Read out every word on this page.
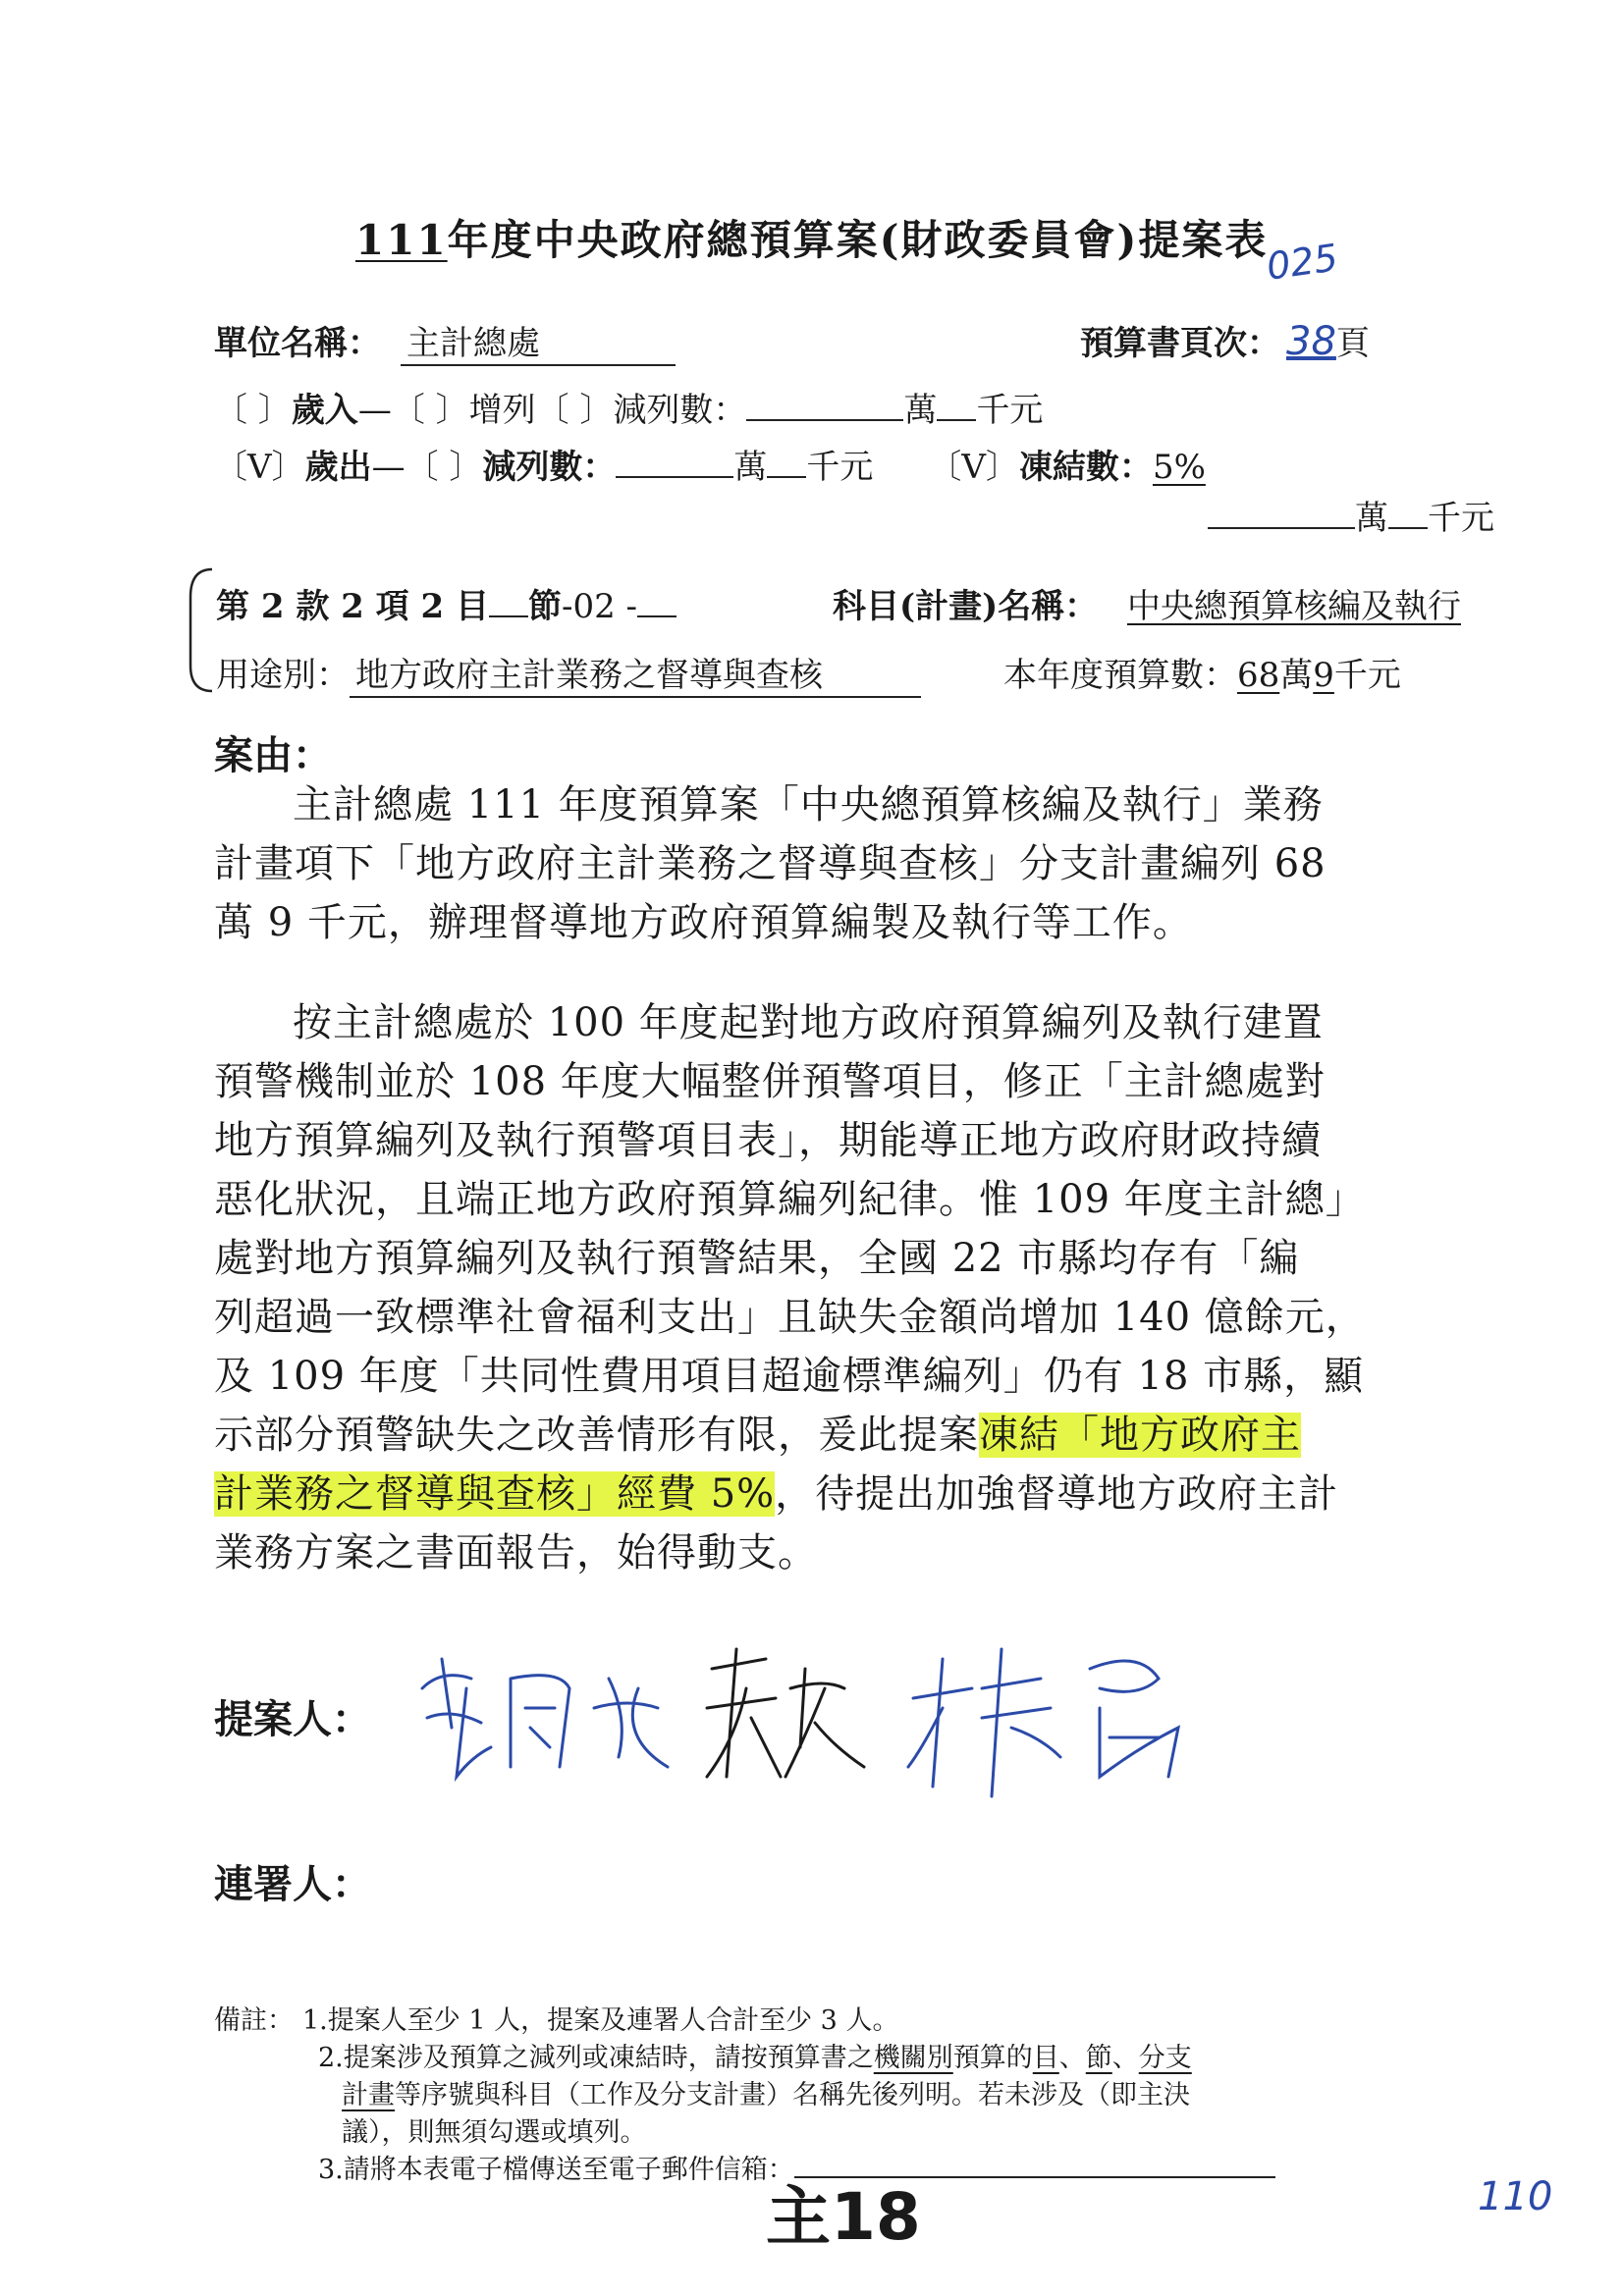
111年度中央政府總預算案(財政委員會)提案表
025
單位名稱： 主計總處	預算書頁次： 38頁
〔 〕歲入—〔 〕增列〔 〕減列數：	萬 千元
〔V〕歲出—〔 〕減列數：	萬 千元 〔V〕凍結數：5%
萬 千元
第 2 款 2 項 2 目 節-02 -	科目(計畫)名稱： 中央總預算核編及執行
用途別： 地方政府主計業務之督導與查核	本年度預算數：68萬9千元
案由：
主計總處 111 年度預算案「中央總預算核編及執行」業務
計畫項下「地方政府主計業務之督導與查核」分支計畫編列 68
萬 9 千元，辦理督導地方政府預算編製及執行等工作。
按主計總處於 100 年度起對地方政府預算編列及執行建置
預警機制並於 108 年度大幅整併預警項目，修正「主計總處對
地方預算編列及執行預警項目表」，期能導正地方政府財政持續
惡化狀況，且端正地方政府預算編列紀律。惟 109 年度主計總」
處對地方預算編列及執行預警結果，全國 22 市縣均存有「編
列超過一致標準社會福利支出」且缺失金額尚增加 140 億餘元，
及 109 年度「共同性費用項目超逾標準編列」仍有 18 市縣，顯
示部分預警缺失之改善情形有限，爰此提案凍結「地方政府主
計業務之督導與查核」經費 5%，待提出加強督導地方政府主計
業務方案之書面報告，始得動支。
提案人：
連署人：
備註： 1.提案人至少 1 人，提案及連署人合計至少 3 人。
2.提案涉及預算之減列或凍結時，請按預算書之機關別預算的目、節、分支
計畫等序號與科目（工作及分支計畫）名稱先後列明。若未涉及（即主決
議），則無須勾選或填列。
3.請將本表電子檔傳送至電子郵件信箱：
主18	110
